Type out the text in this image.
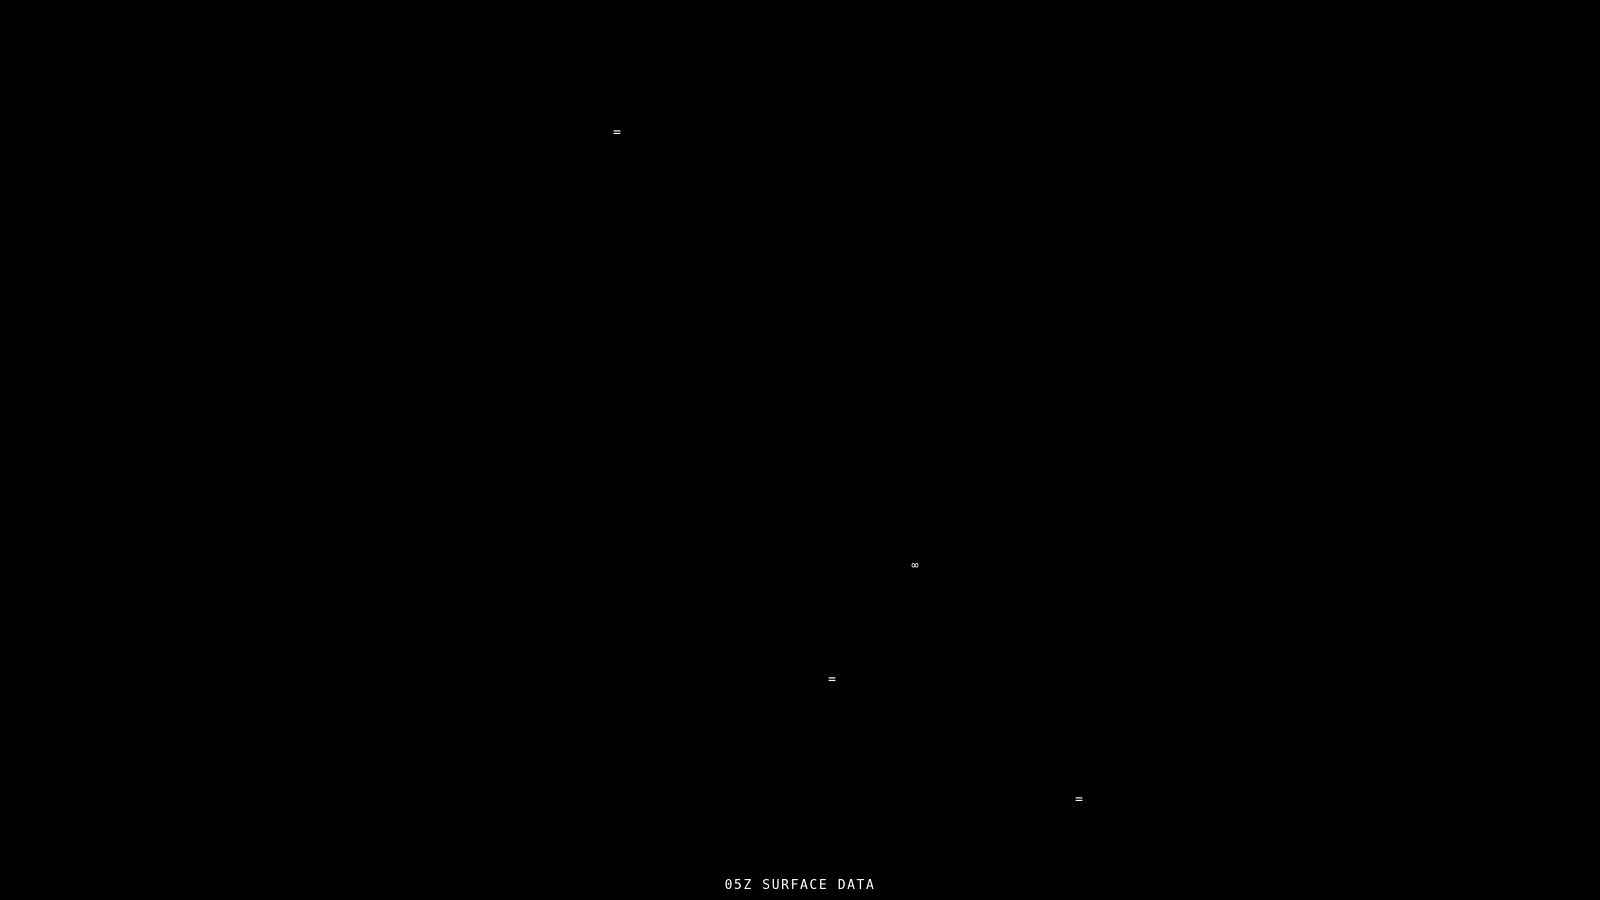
=
∞
=
=
05Z SURFACE DATA
